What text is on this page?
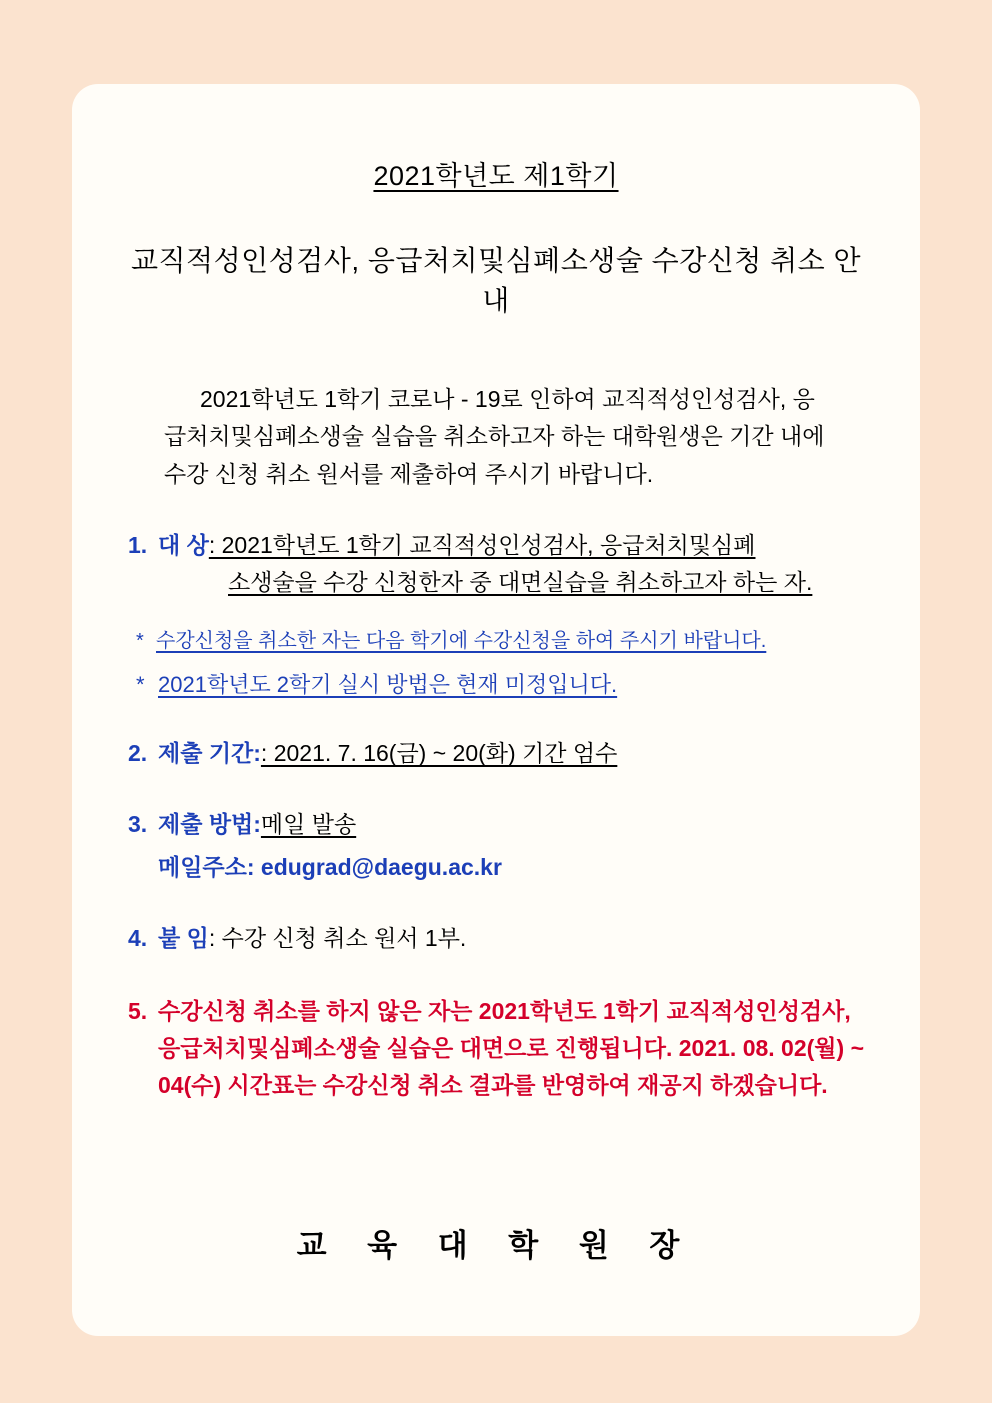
2021학년도 제1학기
교직적성인성검사, 응급처치및심폐소생술 수강신청 취소 안내
2021학년도 1학기 코로나 - 19로 인하여 교직적성인성검사, 응급처치및심폐소생술 실습을 취소하고자 하는 대학원생은 기간 내에 수강 신청 취소 원서를 제출하여 주시기 바랍니다.
1. 대 상: 2021학년도 1학기 교직적성인성검사, 응급처치및심폐
소생술을 수강 신청한자 중 대면실습을 취소하고자 하는 자.
* 수강신청을 취소한 자는 다음 학기에 수강신청을 하여 주시기 바랍니다.
* 2021학년도 2학기 실시 방법은 현재 미정입니다.
2. 제출 기간:: 2021. 7. 16(금) ~ 20(화) 기간 엄수
3. 제출 방법:메일 발송
메일주소: edugrad@daegu.ac.kr
4. 붙 임: 수강 신청 취소 원서 1부.
5. 수강신청 취소를 하지 않은 자는 2021학년도 1학기 교직적성인성검사, 응급처치및심폐소생술 실습은 대면으로 진행됩니다. 2021. 08. 02(월) ~ 04(수) 시간표는 수강신청 취소 결과를 반영하여 재공지 하겠습니다.
교 육 대 학 원 장
